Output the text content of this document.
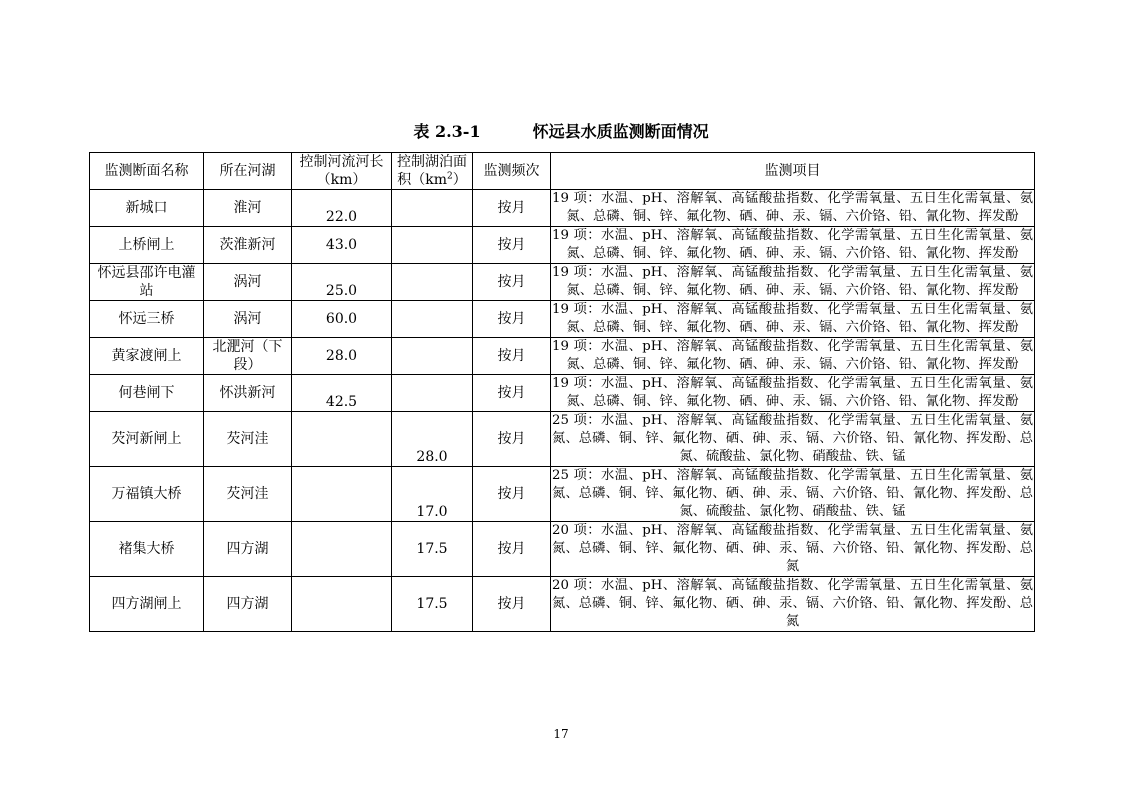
表 2.3-1	怀远县水质监测断面情况
监测断面名称	所在河湖	控制河流河长（km）	控制湖泊面积$(km^2)$	监测频次	监测项目
新城口	淮河	22.0		按月	19 项：水温、pH、溶解氧、高锰酸盐指数、化学需氧量、五日生化需氧量、氨氮、总磷、铜、锌、氟化物、硒、砷、汞、镉、六价铬、铅、氰化物、挥发酚
上桥闸上	茨淮新河	43.0		按月	19 项：水温、pH、溶解氧、高锰酸盐指数、化学需氧量、五日生化需氧量、氨氮、总磷、铜、锌、氟化物、硒、砷、汞、镉、六价铬、铅、氰化物、挥发酚
怀远县邵许电灌站	涡河	25.0		按月	19 项：水温、pH、溶解氧、高锰酸盐指数、化学需氧量、五日生化需氧量、氨氮、总磷、铜、锌、氟化物、硒、砷、汞、镉、六价铬、铅、氰化物、挥发酚
怀远三桥	涡河	60.0		按月	19 项：水温、pH、溶解氧、高锰酸盐指数、化学需氧量、五日生化需氧量、氨氮、总磷、铜、锌、氟化物、硒、砷、汞、镉、六价铬、铅、氰化物、挥发酚
黄家渡闸上	北淝河（下段）	28.0		按月	19 项：水温、pH、溶解氧、高锰酸盐指数、化学需氧量、五日生化需氧量、氨氮、总磷、铜、锌、氟化物、硒、砷、汞、镉、六价铬、铅、氰化物、挥发酚
何巷闸下	怀洪新河	42.5		按月	19 项：水温、pH、溶解氧、高锰酸盐指数、化学需氧量、五日生化需氧量、氨氮、总磷、铜、锌、氟化物、硒、砷、汞、镉、六价铬、铅、氰化物、挥发酚
芡河新闸上	芡河洼		28.0	按月	25 项：水温、pH、溶解氧、高锰酸盐指数、化学需氧量、五日生化需氧量、氨氮、总磷、铜、锌、氟化物、硒、砷、汞、镉、六价铬、铅、氰化物、挥发酚、总氮、硫酸盐、氯化物、硝酸盐、铁、锰
万福镇大桥	芡河洼		17.0	按月	25 项：水温、pH、溶解氧、高锰酸盐指数、化学需氧量、五日生化需氧量、氨氮、总磷、铜、锌、氟化物、硒、砷、汞、镉、六价铬、铅、氰化物、挥发酚、总氮、硫酸盐、氯化物、硝酸盐、铁、锰
褚集大桥	四方湖		17.5	按月	20 项：水温、pH、溶解氧、高锰酸盐指数、化学需氧量、五日生化需氧量、氨氮、总磷、铜、锌、氟化物、硒、砷、汞、镉、六价铬、铅、氰化物、挥发酚、总氮
四方湖闸上	四方湖		17.5	按月	20 项：水温、pH、溶解氧、高锰酸盐指数、化学需氧量、五日生化需氧量、氨氮、总磷、铜、锌、氟化物、硒、砷、汞、镉、六价铬、铅、氰化物、挥发酚、总氮
17
